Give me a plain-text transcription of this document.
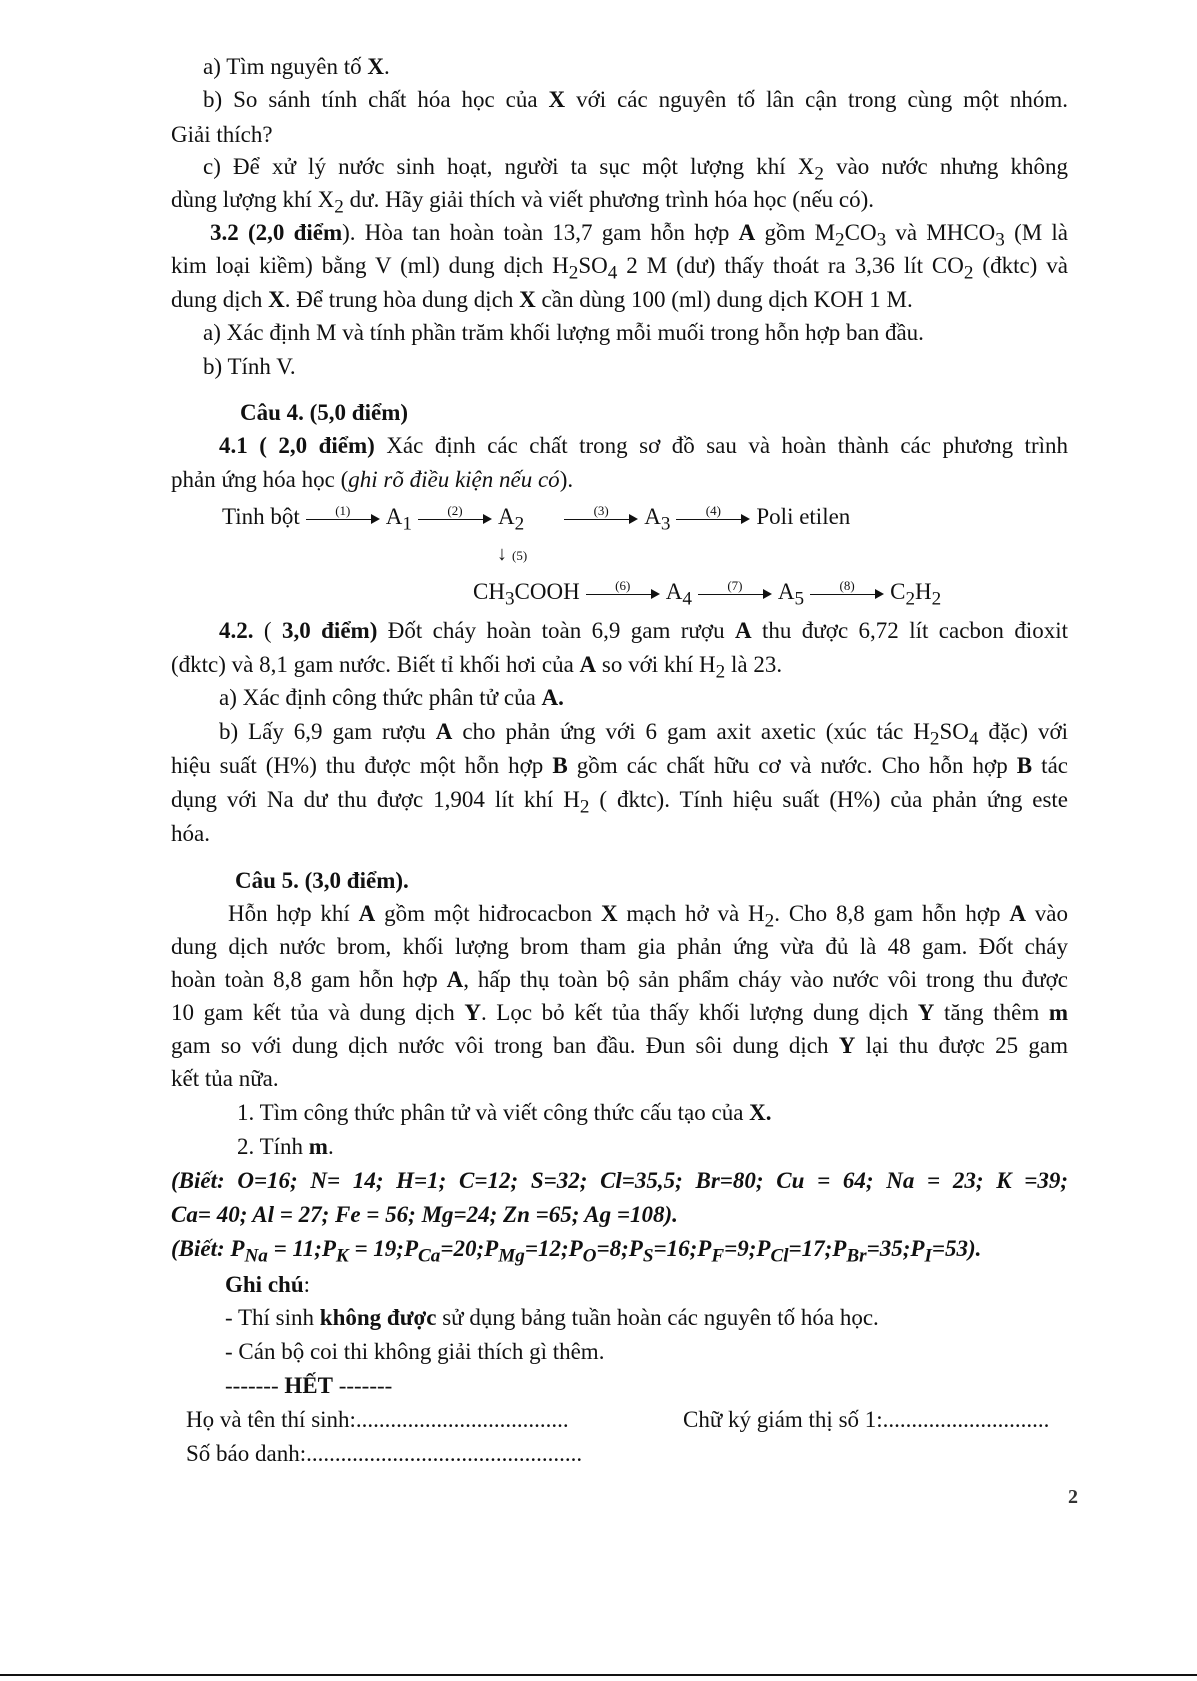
a) Tìm nguyên tố X.
b) So sánh tính chất hóa học của X với các nguyên tố lân cận trong cùng một nhóm.
Giải thích?
c) Để xử lý nước sinh hoạt, người ta sục một lượng khí $X_2$ vào nước nhưng không
dùng lượng khí $X_2$ dư. Hãy giải thích và viết phương trình hóa học (nếu có).
3.2 (2,0 điểm). Hòa tan hoàn toàn 13,7 gam hỗn hợp A gồm $M_2CO_3$ và $MHCO_3$ (M là
kim loại kiềm) bằng V (ml) dung dịch $H_2SO_4$ 2 M (dư) thấy thoát ra 3,36 lít $CO_2$ (đktc) và
dung dịch X. Để trung hòa dung dịch X cần dùng 100 (ml) dung dịch KOH 1 M.
a) Xác định M và tính phần trăm khối lượng mỗi muối trong hỗn hợp ban đầu.
b) Tính V.
Câu 4. (5,0 điểm)
4.1 ( 2,0 điểm) Xác định các chất trong sơ đồ sau và hoàn thành các phương trình
phản ứng hóa học (ghi rõ điều kiện nếu có).
Tinh bột	(1)	$A_1$
(2)	$A_2$
(3)	$A_3$
(4)	Poli etilen
↓ (5)
$CH_3COOH$	(6)	$A_4$
(7)	$A_5$
(8)	$C_2H_2$
4.2. ( 3,0 điểm) Đốt cháy hoàn toàn 6,9 gam rượu A thu được 6,72 lít cacbon đioxit
(đktc) và 8,1 gam nước. Biết tỉ khối hơi của A so với khí $H_2$ là 23.
a) Xác định công thức phân tử của A.
b) Lấy 6,9 gam rượu A cho phản ứng với 6 gam axit axetic (xúc tác $H_2SO_4$ đặc) với
hiệu suất (H%) thu được một hỗn hợp B gồm các chất hữu cơ và nước. Cho hỗn hợp B tác
dụng với Na dư thu được 1,904 lít khí $H_2$ ( đktc). Tính hiệu suất (H%) của phản ứng este
hóa.
Câu 5. (3,0 điểm).
Hỗn hợp khí A gồm một hiđrocacbon X mạch hở và $H_2$. Cho 8,8 gam hỗn hợp A vào
dung dịch nước brom, khối lượng brom tham gia phản ứng vừa đủ là 48 gam. Đốt cháy
hoàn toàn 8,8 gam hỗn hợp A, hấp thụ toàn bộ sản phẩm cháy vào nước vôi trong thu được
10 gam kết tủa và dung dịch Y. Lọc bỏ kết tủa thấy khối lượng dung dịch Y tăng thêm m
gam so với dung dịch nước vôi trong ban đầu. Đun sôi dung dịch Y lại thu được 25 gam
kết tủa nữa.
1. Tìm công thức phân tử và viết công thức cấu tạo của X.
2. Tính m.
(Biết: O=16; N= 14; H=1; C=12; S=32; Cl=35,5; Br=80; Cu = 64; Na = 23; K =39;
Ca= 40; Al = 27; Fe = 56; Mg=24; Zn =65; Ag =108).
(Biết: $P_{Na}$ = $11;P_K$ = $19;P_{Ca}=20;P_{Mg}=12;P_O=8;P_S=16;P_F=9;P_{Cl}=17;P_{Br}=35;P_I=53$).
Ghi chú:
- Thí sinh không được sử dụng bảng tuần hoàn các nguyên tố hóa học.
- Cán bộ coi thi không giải thích gì thêm.
------- HẾT -------
Họ và tên thí sinh:.....................................	Chữ ký giám thị số 1:.............................
Số báo danh:................................................
2
